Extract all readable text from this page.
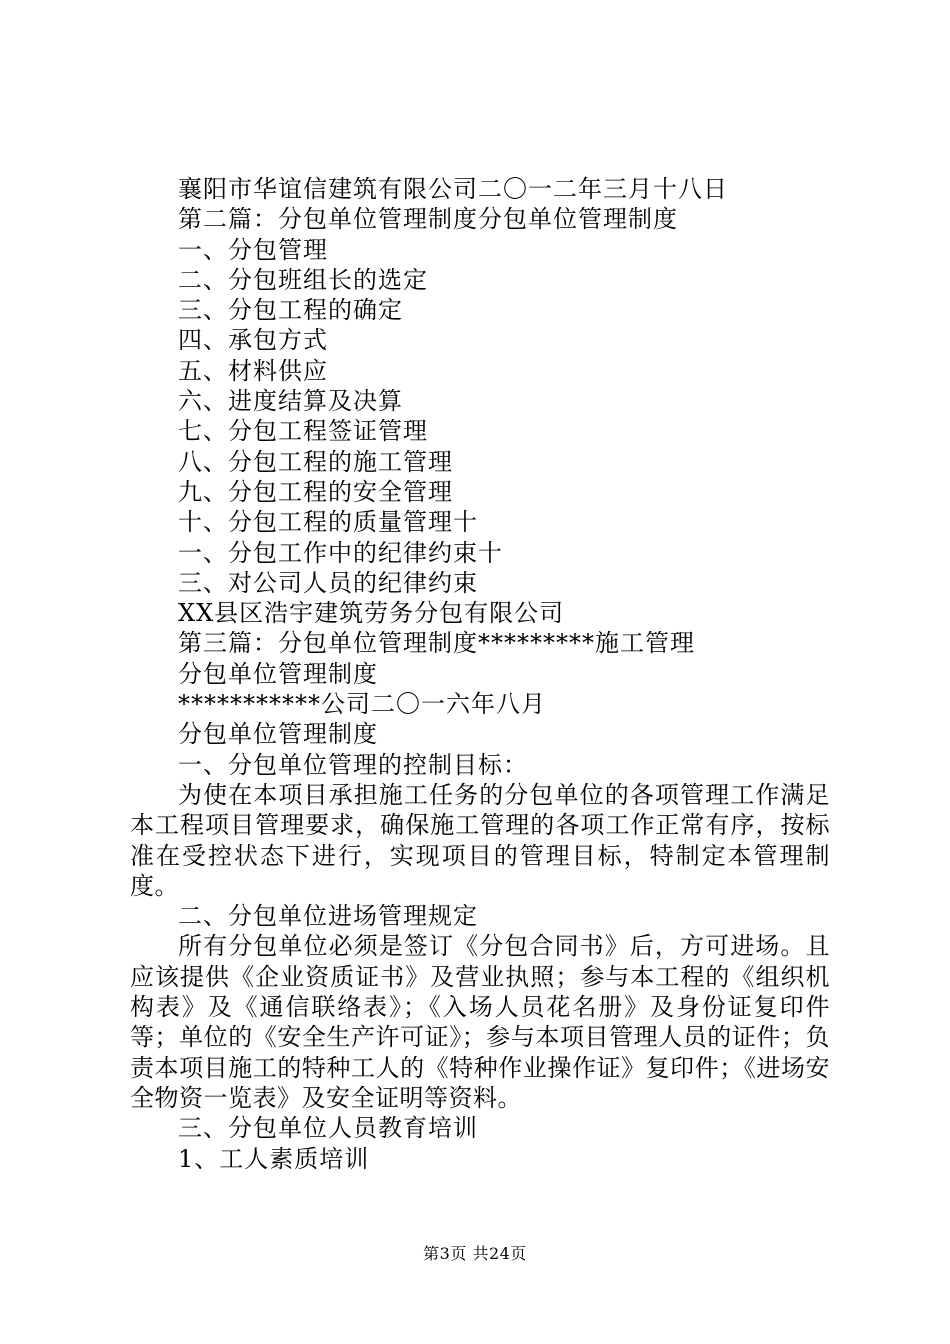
襄阳市华谊信建筑有限公司二〇一二年三月十八日

第二篇：分包单位管理制度分包单位管理制度

一、分包管理

二、分包班组长的选定

三、分包工程的确定

四、承包方式

五、材料供应

六、进度结算及决算

七、分包工程签证管理

八、分包工程的施工管理

九、分包工程的安全管理

十、分包工程的质量管理十

一、分包工作中的纪律约束十

三、对公司人员的纪律约束

XX县区浩宇建筑劳务分包有限公司

第三篇：分包单位管理制度*********施工管理

分包单位管理制度

***********公司二〇一六年八月

分包单位管理制度

一、分包单位管理的控制目标：

为使在本项目承担施工任务的分包单位的各项管理工作满足本工程项目管理要求，确保施工管理的各项工作正常有序，按标准在受控状态下进行，实现项目的管理目标，特制定本管理制度。

二、分包单位进场管理规定

所有分包单位必须是签订《分包合同书》后，方可进场。且应该提供《企业资质证书》及营业执照；参与本工程的《组织机构表》及《通信联络表》；《入场人员花名册》及身份证复印件等；单位的《安全生产许可证》；参与本项目管理人员的证件；负责本项目施工的特种工人的《特种作业操作证》复印件；《进场安全物资一览表》及安全证明等资料。

三、分包单位人员教育培训

1、工人素质培训

第3页 共24页
